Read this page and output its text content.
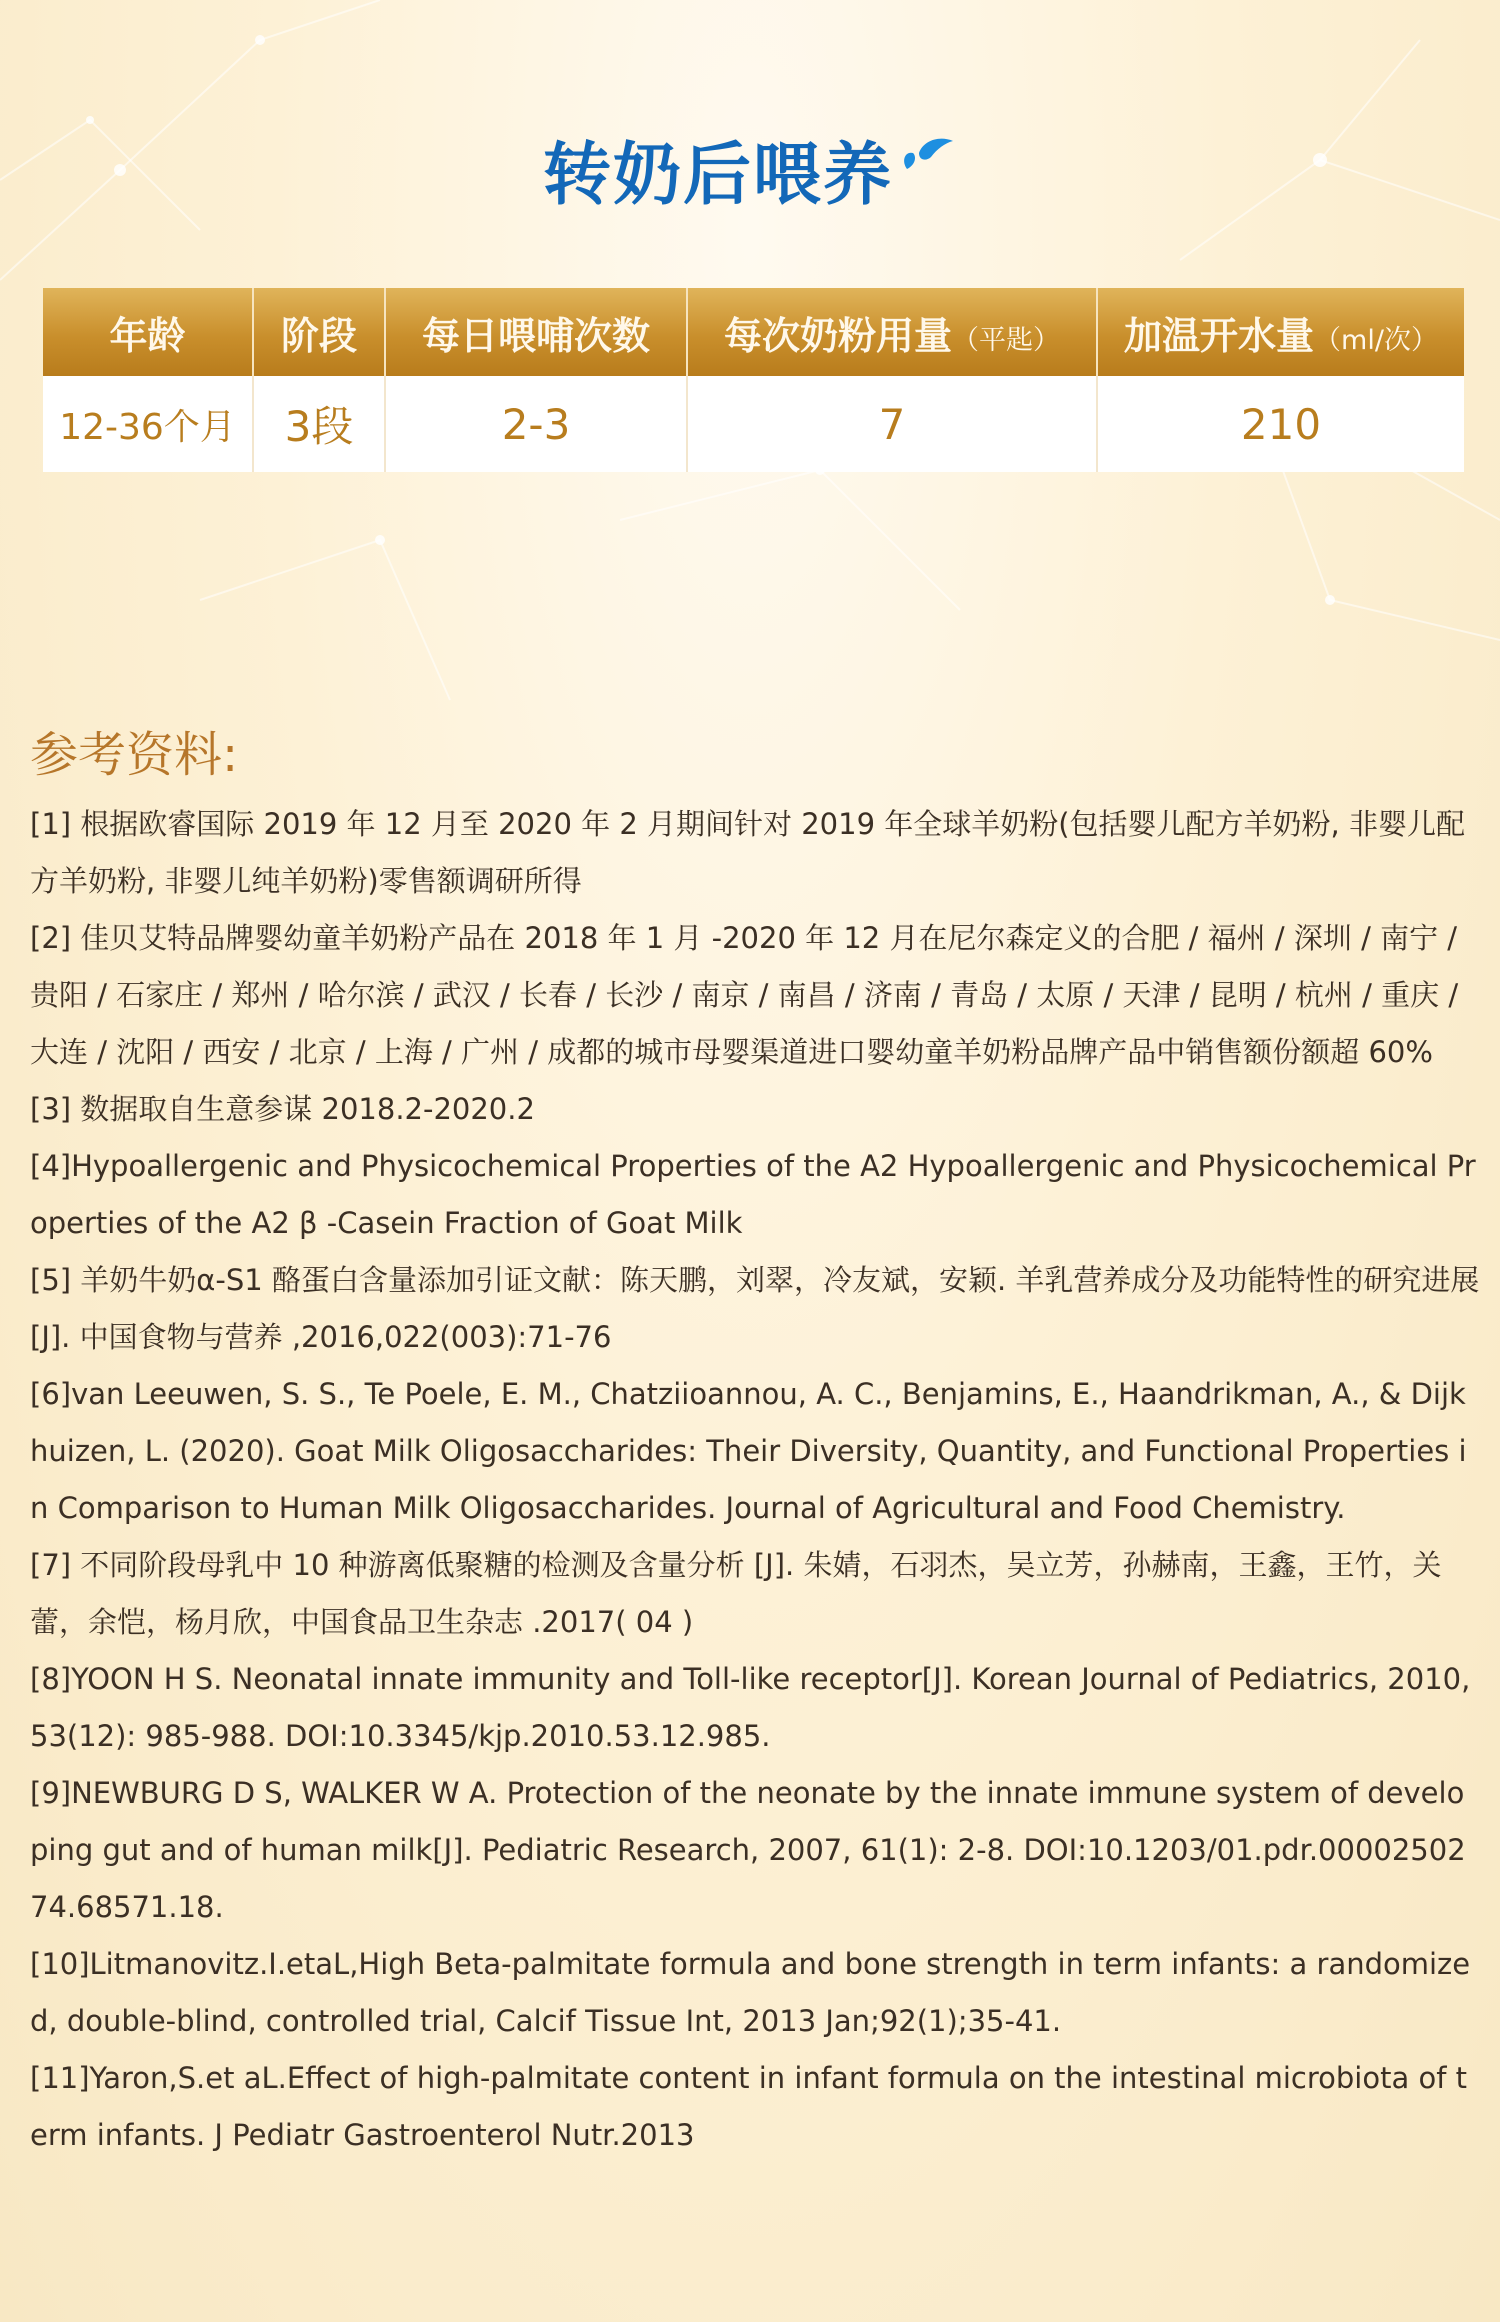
转奶后喂养
年龄	阶段	每日喂哺次数	每次奶粉用量（平匙）	加温开水量（ml/次）
12-36个月	3段	2-3	7	210
参考资料:

[1] 根据欧睿国际 2019 年 12 月至 2020 年 2 月期间针对 2019 年全球羊奶粉(包括婴儿配方羊奶粉, 非婴儿配方羊奶粉, 非婴儿纯羊奶粉)零售额调研所得

[2] 佳贝艾特品牌婴幼童羊奶粉产品在 2018 年 1 月 -2020 年 12 月在尼尔森定义的合肥 / 福州 / 深圳 / 南宁 / 贵阳 / 石家庄 / 郑州 / 哈尔滨 / 武汉 / 长春 / 长沙 / 南京 / 南昌 / 济南 / 青岛 / 太原 / 天津 / 昆明 / 杭州 / 重庆 / 大连 / 沈阳 / 西安 / 北京 / 上海 / 广州 / 成都的城市母婴渠道进口婴幼童羊奶粉品牌产品中销售额份额超 60%

[3] 数据取自生意参谋 2018.2-2020.2

[4]Hypoallergenic and Physicochemical Properties of the A2 Hypoallergenic and Physicochemical Properties of the A2 β -Casein Fraction of Goat Milk

[5] 羊奶牛奶α-S1 酪蛋白含量添加引证文献：陈天鹏，刘翠，冷友斌，安颖. 羊乳营养成分及功能特性的研究进展 [J]. 中国食物与营养 ,2016,022(003):71-76

[6]van Leeuwen, S. S., Te Poele, E. M., Chatziioannou, A. C., Benjamins, E., Haandrikman, A., & Dijkhuizen, L. (2020). Goat Milk Oligosaccharides: Their Diversity, Quantity, and Functional Properties in Comparison to Human Milk Oligosaccharides. Journal of Agricultural and Food Chemistry.

[7] 不同阶段母乳中 10 种游离低聚糖的检测及含量分析 [J]. 朱婧，石羽杰，吴立芳，孙赫南，王鑫，王竹，关蕾，余恺，杨月欣，中国食品卫生杂志 .2017( 04 )

[8]YOON H S. Neonatal innate immunity and Toll-like receptor[J]. Korean Journal of Pediatrics, 2010, 53(12): 985-988. DOI:10.3345/kjp.2010.53.12.985.

[9]NEWBURG D S, WALKER W A. Protection of the neonate by the innate immune system of developing gut and of human milk[J]. Pediatric Research, 2007, 61(1): 2-8. DOI:10.1203/01.pdr.0000250274.68571.18.

[10]Litmanovitz.I.etaL,High Beta-palmitate formula and bone strength in term infants: a randomized, double-blind, controlled trial, Calcif Tissue Int, 2013 Jan;92(1);35-41.

[11]Yaron,S.et aL.Effect of high-palmitate content in infant formula on the intestinal microbiota of term infants. J Pediatr Gastroenterol Nutr.2013
